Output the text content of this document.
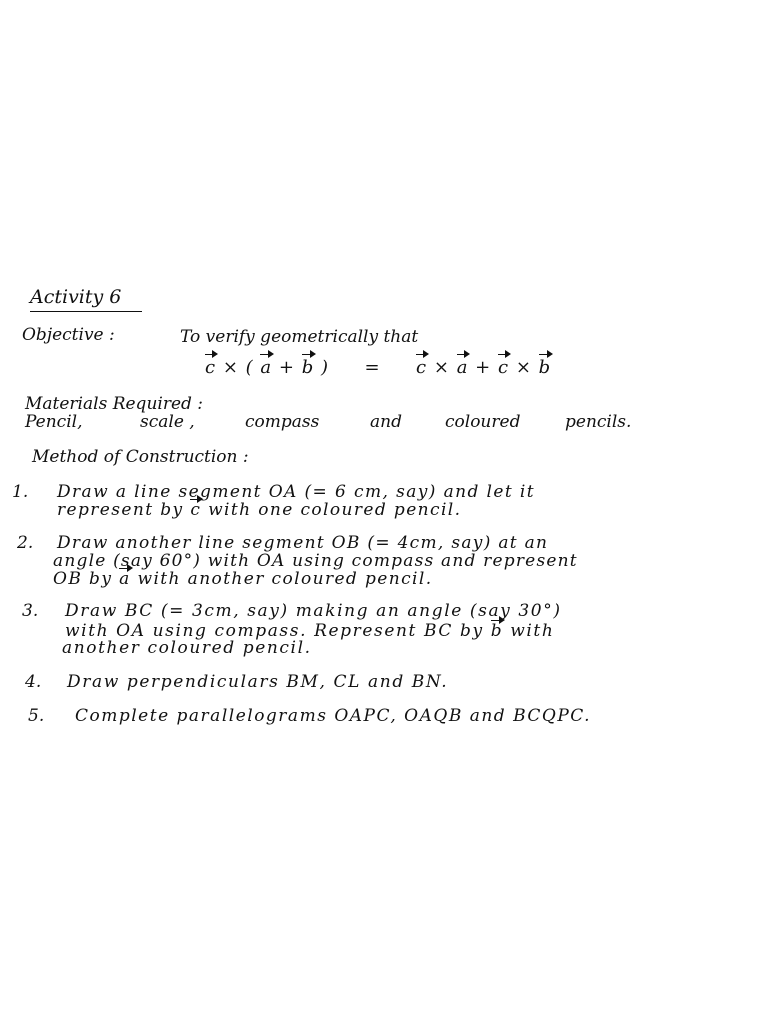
Activity 6
Objective :	To verify geometrically that
c × ( a + b ) = c × a + c × b
Materials Required :
Pencil,	scale ,	compass	and	coloured	pencils.
Method of Construction :
1. Draw a line segment OA (= 6 cm, say) and let it
represent by c with one coloured pencil.
2. Draw another line segment OB (= 4cm, say) at an
angle (say 60°) with OA using compass and represent
OB by a with another coloured pencil.
3. Draw BC (= 3cm, say) making an angle (say 30°)
with OA using compass. Represent BC by b with
another coloured pencil.
4. Draw perpendiculars BM, CL and BN.
5. Complete parallelograms OAPC, OAQB and BCQPC.
